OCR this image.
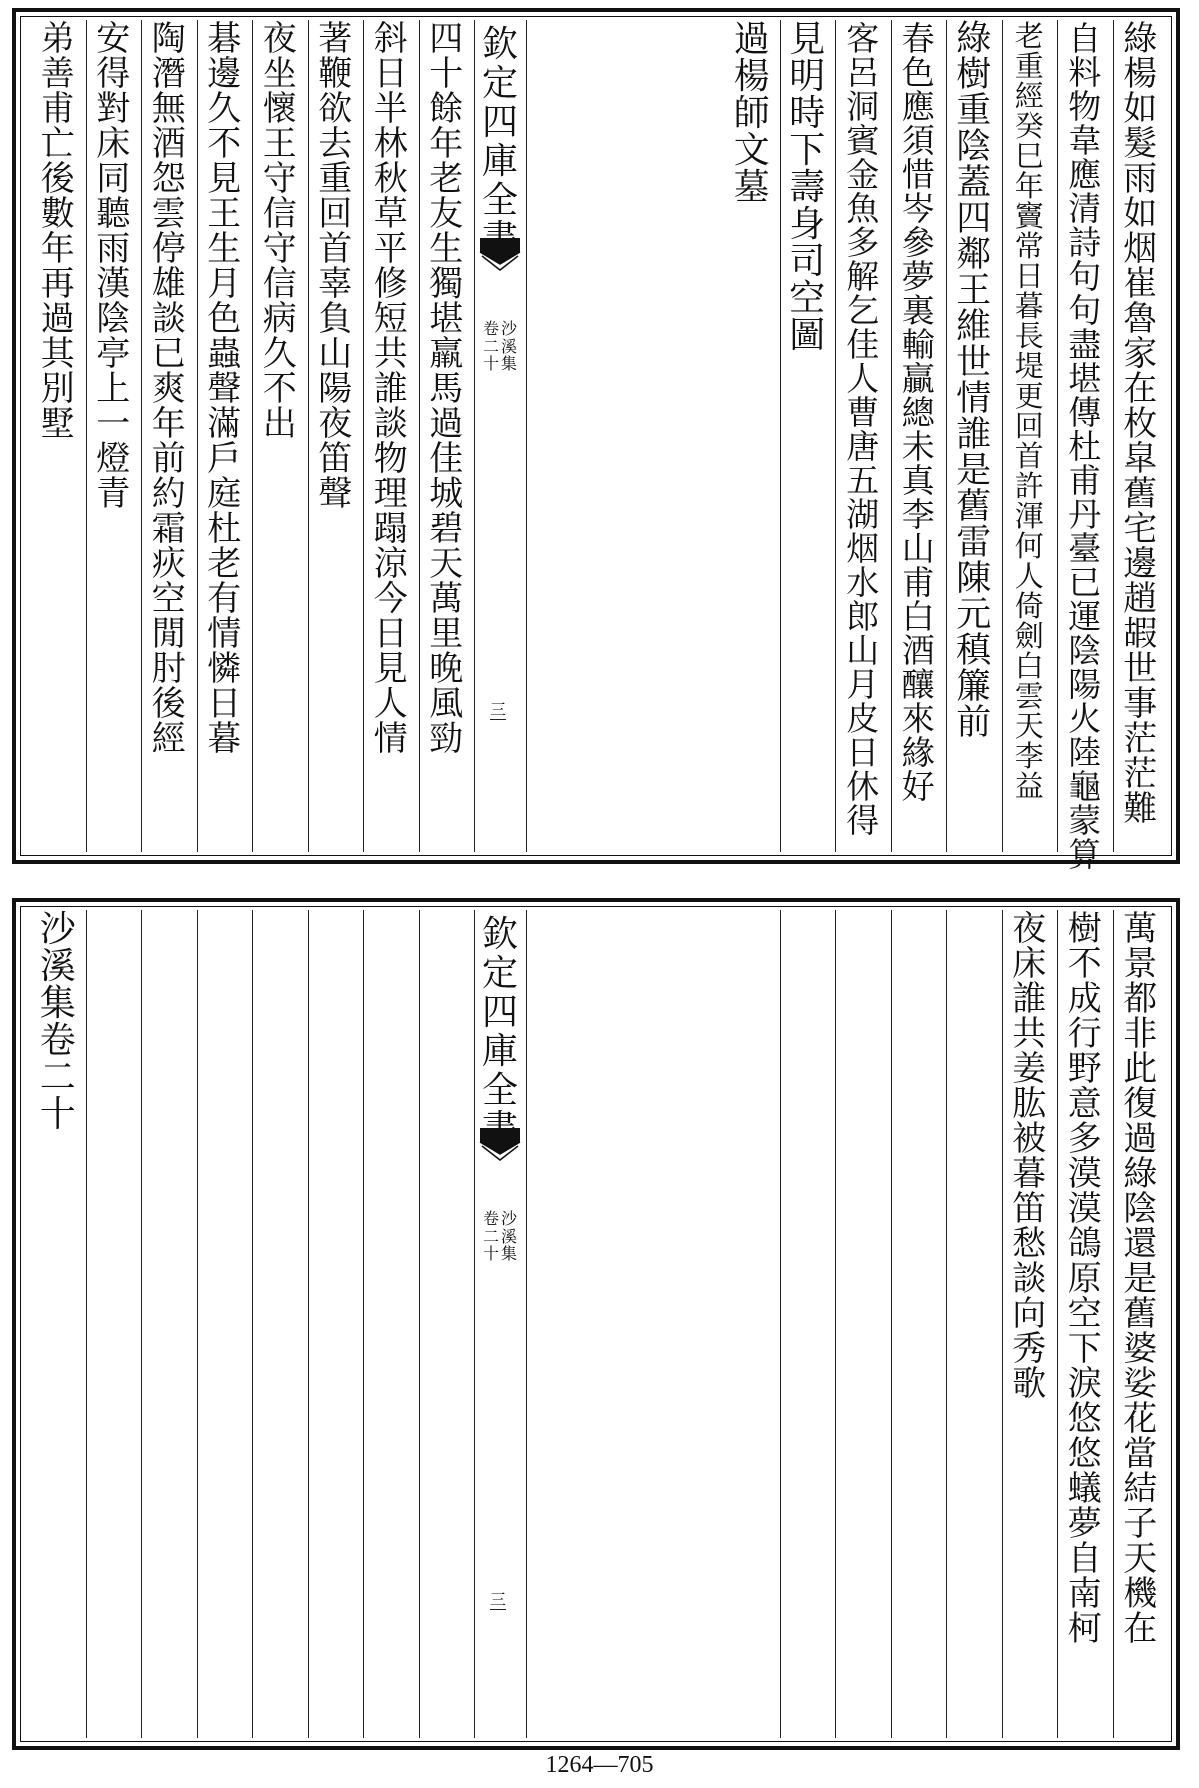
綠
楊
如
髮
雨
如
烟
崔
魯
家
在
枚
皐
舊
宅
邊
趙
嘏
世
事
茫
茫
難
自
料
物
韋
應
清
詩
句
句
盡
堪
傳
杜
甫
丹
臺
已
運
陰
陽
火
陸
龜
蒙
算
老
重
經
癸
巳
年
竇
常
日
暮
長
堤
更
回
首
許
渾
何
人
倚
劍
白
雲
天
李
益
綠
樹
重
陰
蓋
四
鄰
王
維
世
情
誰
是
舊
雷
陳
元
稹
簾
前
春
色
應
須
惜
岑
參
夢
裏
輸
贏
總
未
真
李
山
甫
白
酒
釀
來
緣
好
客
呂
洞
賓
金
魚
多
解
乞
佳
人
曹
唐
五
湖
烟
水
郎
山
月
皮
日
休
得
見
明
時
下
壽
身
司
空
圖
過
楊
師
文
墓
四
十
餘
年
老
友
生
獨
堪
羸
馬
過
佳
城
碧
天
萬
里
晚
風
勁
斜
日
半
林
秋
草
平
修
短
共
誰
談
物
理
蹋
涼
今
日
見
人
情
著
鞭
欲
去
重
回
首
辜
負
山
陽
夜
笛
聲
夜
坐
懷
王
守
信
守
信
病
久
不
出
碁
邊
久
不
見
王
生
月
色
蟲
聲
滿
戶
庭
杜
老
有
情
憐
日
暮
陶
潛
無
酒
怨
雲
停
雄
談
已
爽
年
前
約
霜
疢
空
閒
肘
後
經
安
得
對
床
同
聽
雨
漢
陰
亭
上
一
燈
青
弟
善
甫
亡
後
數
年
再
過
其
別
墅
欽
定
四
庫
全
卷
二
十
沙
溪
集
三
萬
景
都
非
此
復
過
綠
陰
還
是
舊
婆
娑
花
當
結
子
天
機
在
樹
不
成
行
野
意
多
漠
漠
鴿
原
空
下
淚
悠
悠
蟻
夢
自
南
柯
夜
床
誰
共
姜
肱
被
暮
笛
愁
談
向
秀
歌
沙
溪
集
卷
二
十
欽
定
四
庫
全
卷
二
十
沙
溪
集
三
1264—705
